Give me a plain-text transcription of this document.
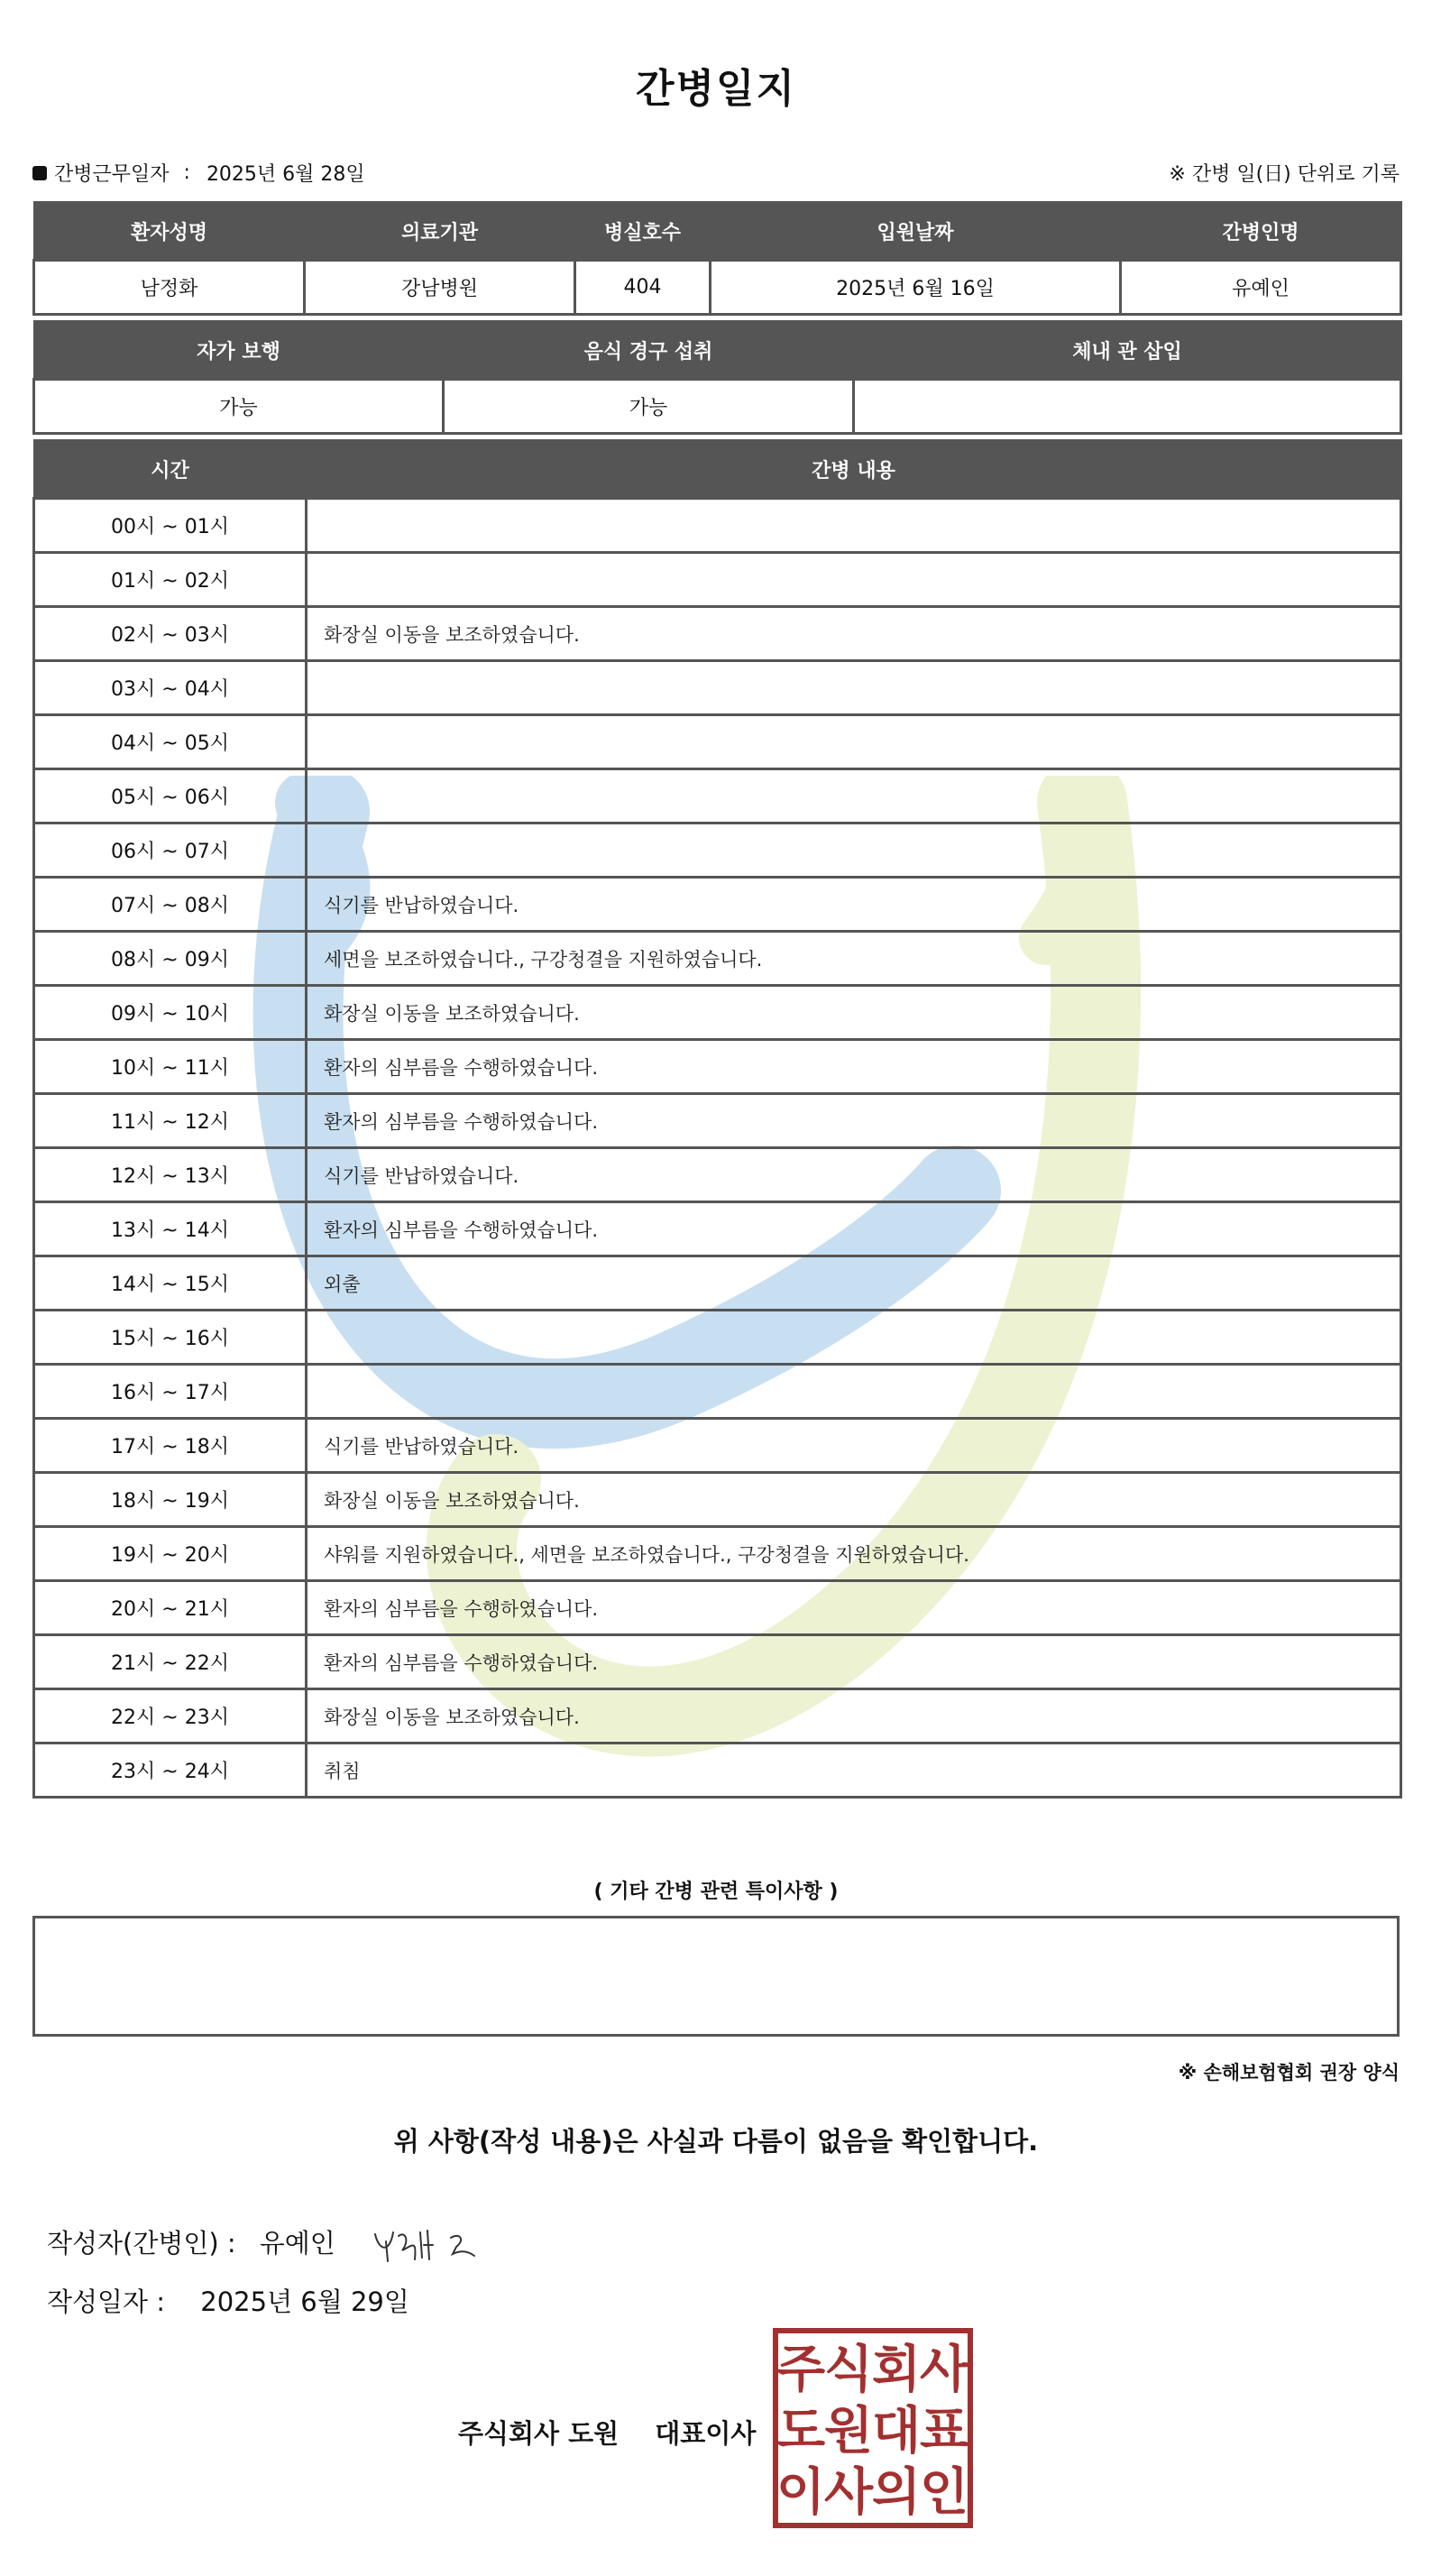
간병일지
간병근무일자 : 2025년 6월 28일	※ 간병 일(日) 단위로 기록
환자성명	의료기관	병실호수	입원날짜	간병인명
남정화	강남병원	404	2025년 6월 16일	유예인
자가 보행	음식 경구 섭취	체내 관 삽입
가능	가능	
시간	간병 내용
00시 ~ 01시	
01시 ~ 02시	
02시 ~ 03시	화장실 이동을 보조하였습니다.
03시 ~ 04시	
04시 ~ 05시	
05시 ~ 06시	
06시 ~ 07시	
07시 ~ 08시	식기를 반납하였습니다.
08시 ~ 09시	세면을 보조하였습니다., 구강청결을 지원하였습니다.
09시 ~ 10시	화장실 이동을 보조하였습니다.
10시 ~ 11시	환자의 심부름을 수행하였습니다.
11시 ~ 12시	환자의 심부름을 수행하였습니다.
12시 ~ 13시	식기를 반납하였습니다.
13시 ~ 14시	환자의 심부름을 수행하였습니다.
14시 ~ 15시	외출
15시 ~ 16시	
16시 ~ 17시	
17시 ~ 18시	식기를 반납하였습니다.
18시 ~ 19시	화장실 이동을 보조하였습니다.
19시 ~ 20시	샤워를 지원하였습니다., 세면을 보조하였습니다., 구강청결을 지원하였습니다.
20시 ~ 21시	환자의 심부름을 수행하였습니다.
21시 ~ 22시	환자의 심부름을 수행하였습니다.
22시 ~ 23시	화장실 이동을 보조하였습니다.
23시 ~ 24시	취침
( 기타 간병 관련 특이사항 )
※ 손해보험협회 권장 양식
위 사항(작성 내용)은 사실과 다름이 없음을 확인합니다.
작성자(간병인) : 유예인
작성일자 : 2025년 6월 29일
주식회사 도원 대표이사
주
식
회
사
도
원
대
표
이
사
의
인
